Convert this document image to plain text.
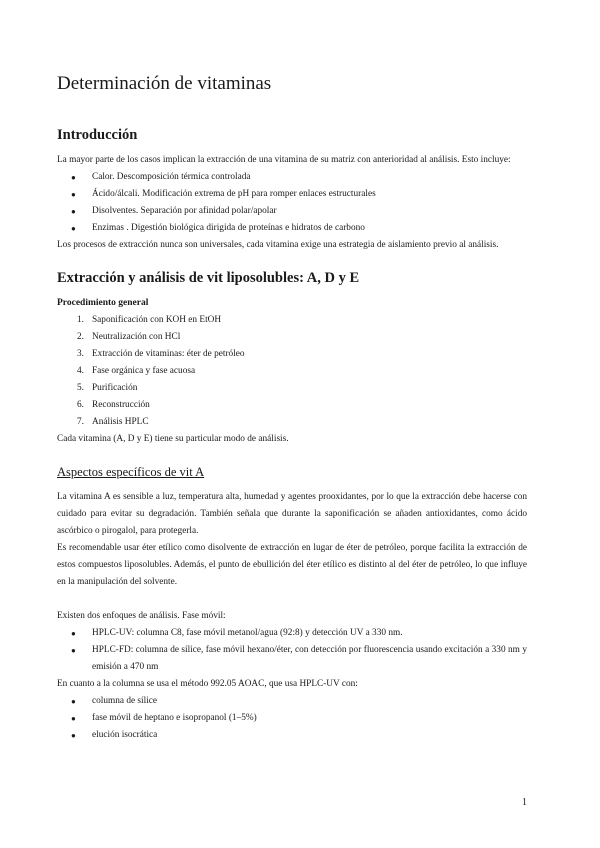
Determinación de vitaminas
Introducción

La mayor parte de los casos implican la extracción de una vitamina de su matriz con anterioridad al análisis. Esto incluye:

● Calor. Descomposición térmica controlada
● Ácido/álcali. Modificación extrema de pH para romper enlaces estructurales
● Disolventes. Separación por afinidad polar/apolar
● Enzimas . Digestión biológica dirigida de proteínas e hidratos de carbono

Los procesos de extracción nunca son universales, cada vitamina exige una estrategia de aislamiento previo al análisis.

Extracción y análisis de vit liposolubles: A, D y E
Procedimiento general
1. Saponificación con KOH en EtOH
2. Neutralización con HCl
3. Extracción de vitaminas: éter de petróleo
4. Fase orgánica y fase acuosa
5. Purificación
6. Reconstrucción
7. Análisis HPLC

Cada vitamina (A, D y E) tiene su particular modo de análisis.

Aspectos específicos de vit A

La vitamina A es sensible a luz, temperatura alta, humedad y agentes prooxidantes, por lo que la extracción debe hacerse con cuidado para evitar su degradación. También señala que durante la saponificación se añaden antioxidantes, como ácido ascórbico o pirogalol, para protegerla.

Es recomendable usar éter etílico como disolvente de extracción en lugar de éter de petróleo, porque facilita la extracción de estos compuestos liposolubles. Además, el punto de ebullición del éter etílico es distinto al del éter de petróleo, lo que influye en la manipulación del solvente.

Existen dos enfoques de análisis. Fase móvil:

● HPLC-UV: columna C8, fase móvil metanol/agua (92:8) y detección UV a 330 nm.
● HPLC-FD: columna de sílice, fase móvil hexano/éter, con detección por fluorescencia usando excitación a 330 nm y emisión a 470 nm

En cuanto a la columna se usa el método 992.05 AOAC, que usa HPLC-UV con:

● columna de sílice
● fase móvil de heptano e isopropanol (1–5%)
● elución isocrática
1
